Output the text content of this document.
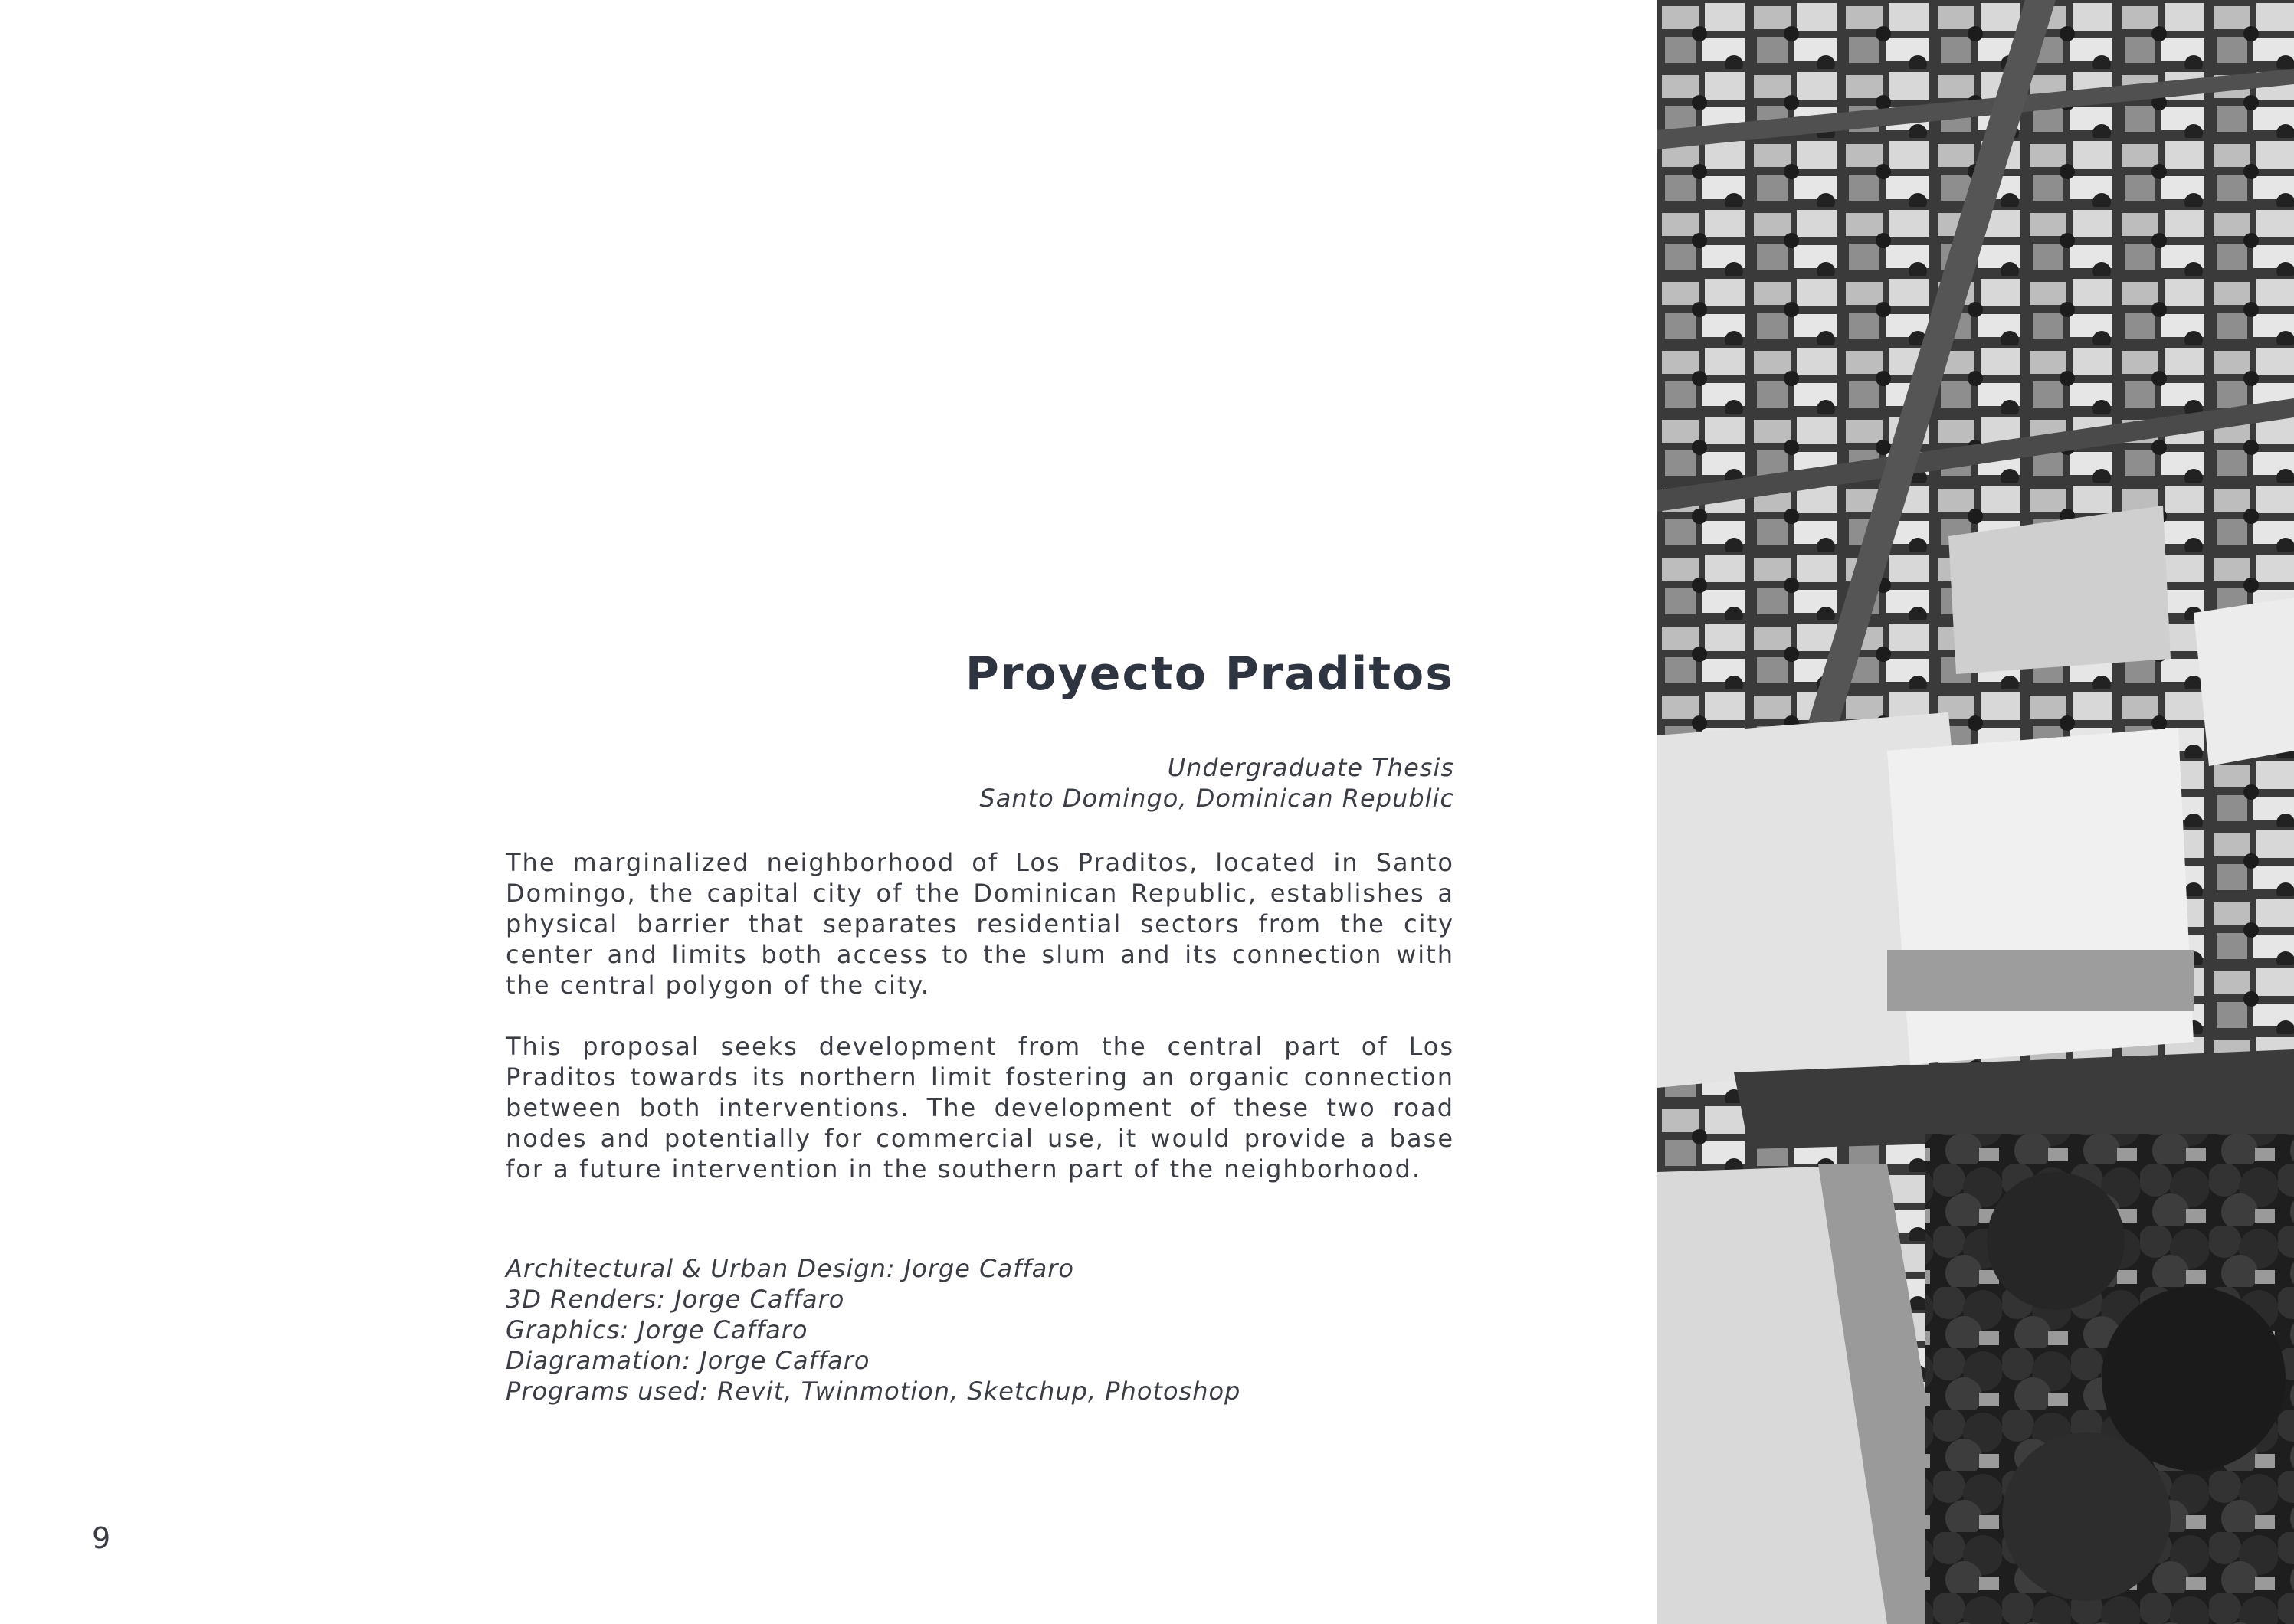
Proyecto Praditos
Undergraduate Thesis
Santo Domingo, Dominican Republic

The marginalized neighborhood of Los Praditos, located in Santo Domingo, the capital city of the Dominican Republic, establishes a physical barrier that separates residential sectors from the city center and limits both access to the slum and its connection with the central polygon of the city.

This proposal seeks development from the central part of Los Praditos towards its northern limit fostering an organic connection between both interventions. The development of these two road nodes and potentially for commercial use, it would provide a base for a future intervention in the southern part of the neighborhood.

Architectural & Urban Design: Jorge Caffaro
3D Renders: Jorge Caffaro
Graphics: Jorge Caffaro
Diagramation: Jorge Caffaro
Programs used: Revit, Twinmotion, Sketchup, Photoshop
9
